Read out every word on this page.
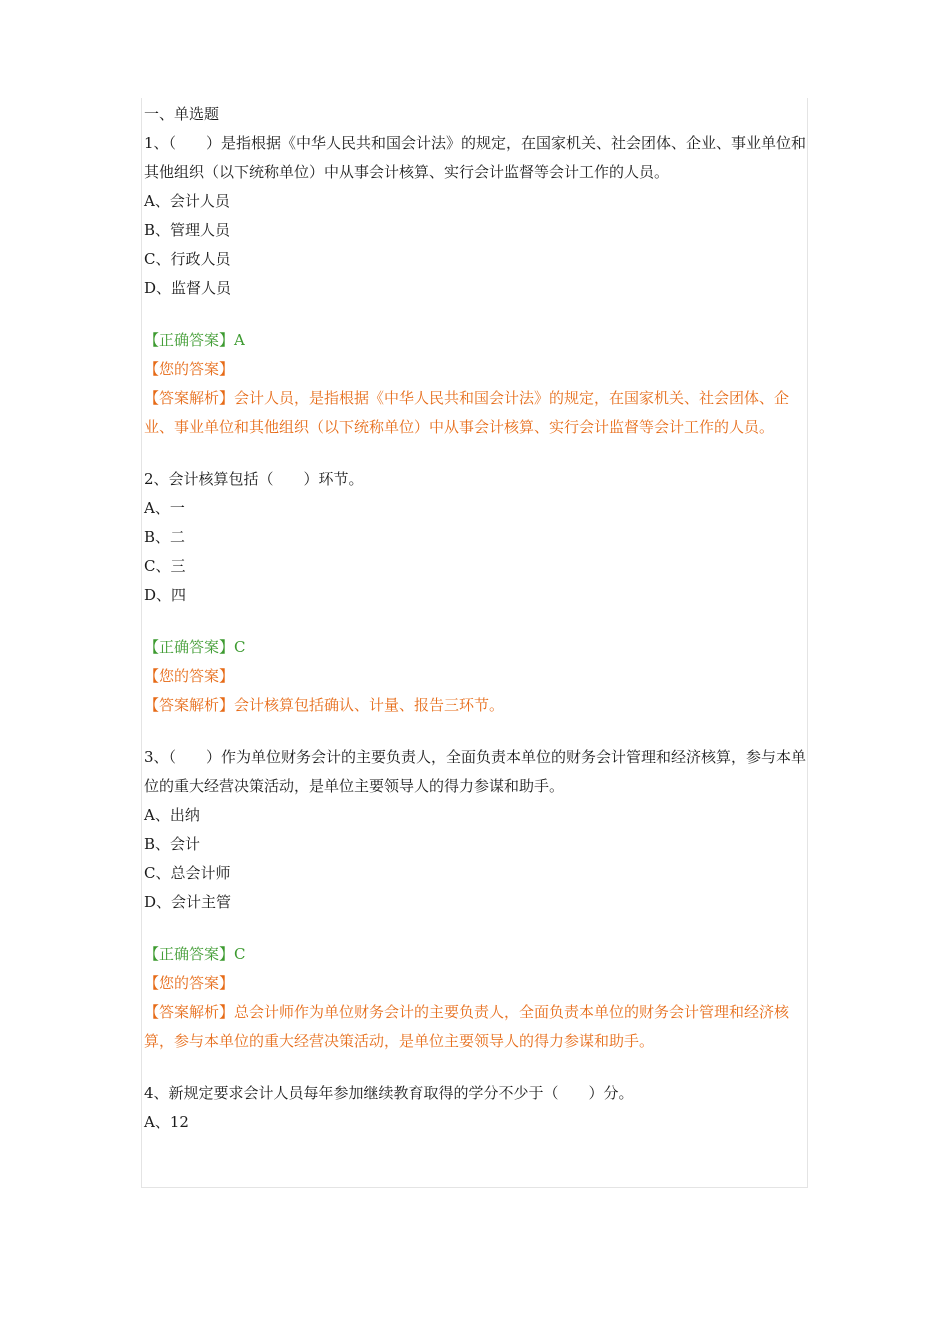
一、单选题
1、（　　）是指根据《中华人民共和国会计法》的规定，在国家机关、社会团体、企业、事业单位和其他组织（以下统称单位）中从事会计核算、实行会计监督等会计工作的人员。
A、会计人员
B、管理人员
C、行政人员
D、监督人员
【正确答案】A
【您的答案】
【答案解析】会计人员，是指根据《中华人民共和国会计法》的规定，在国家机关、社会团体、企业、事业单位和其他组织（以下统称单位）中从事会计核算、实行会计监督等会计工作的人员。
2、会计核算包括（　　）环节。
A、一
B、二
C、三
D、四
【正确答案】C
【您的答案】
【答案解析】会计核算包括确认、计量、报告三环节。
3、（　　）作为单位财务会计的主要负责人，全面负责本单位的财务会计管理和经济核算，参与本单位的重大经营决策活动，是单位主要领导人的得力参谋和助手。
A、出纳
B、会计
C、总会计师
D、会计主管
【正确答案】C
【您的答案】
【答案解析】总会计师作为单位财务会计的主要负责人，全面负责本单位的财务会计管理和经济核算，参与本单位的重大经营决策活动，是单位主要领导人的得力参谋和助手。
4、新规定要求会计人员每年参加继续教育取得的学分不少于（　　）分。
A、12
